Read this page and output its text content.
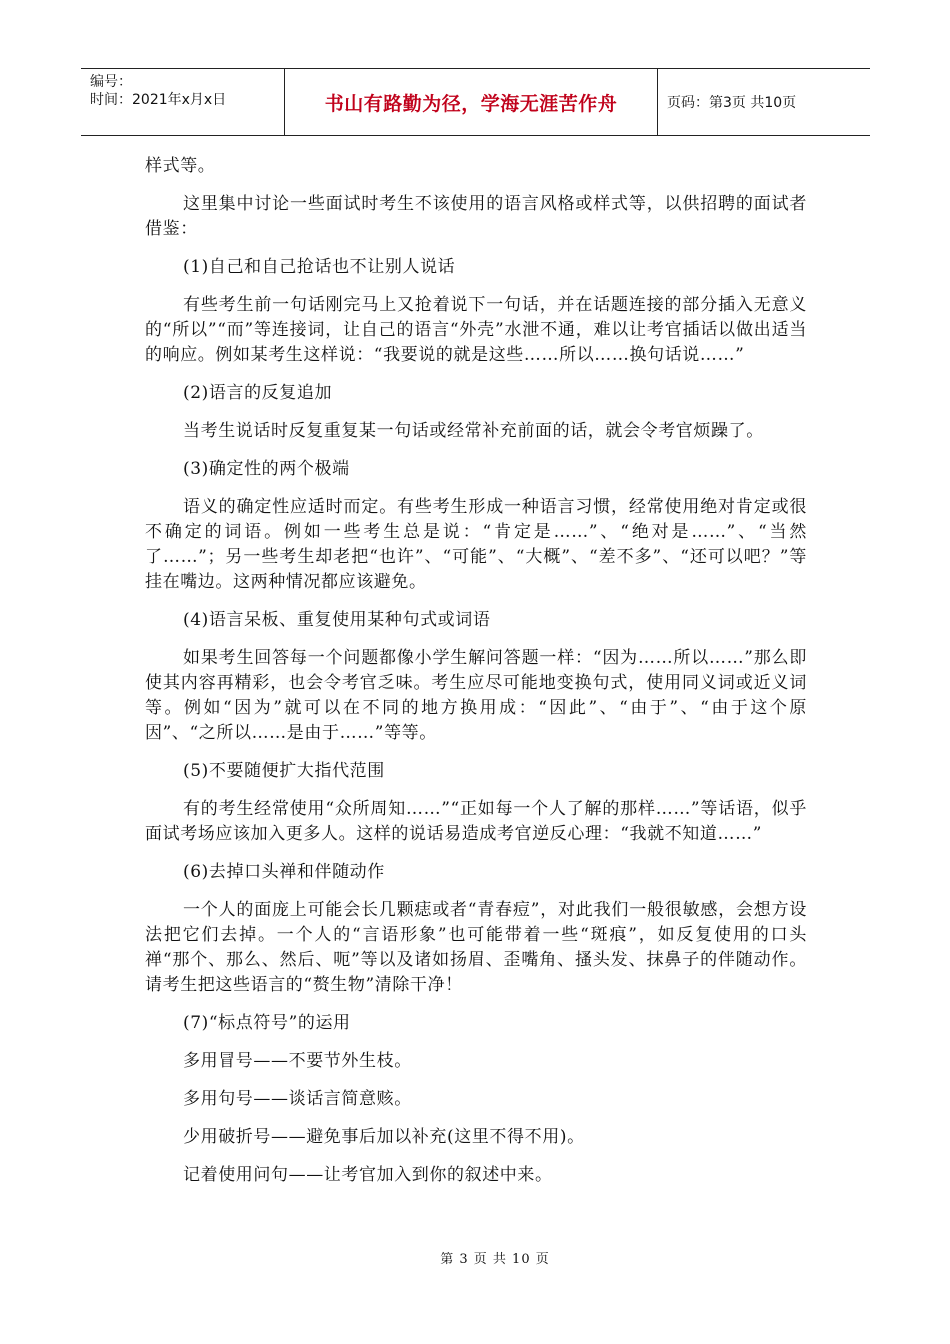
编号：
时间：2021年x月x日	书山有路勤为径，学海无涯苦作舟	页码：第3页 共10页

样式等。

这里集中讨论一些面试时考生不该使用的语言风格或样式等，以供招聘的面试者借鉴：

(1)自己和自己抢话也不让别人说话

有些考生前一句话刚完马上又抢着说下一句话，并在话题连接的部分插入无意义的“所以”“而”等连接词，让自己的语言“外壳”水泄不通，难以让考官插话以做出适当的响应。例如某考生这样说：“我要说的就是这些……所以……换句话说……”

(2)语言的反复追加

当考生说话时反复重复某一句话或经常补充前面的话，就会令考官烦躁了。

(3)确定性的两个极端

语义的确定性应适时而定。有些考生形成一种语言习惯，经常使用绝对肯定或很不确定的词语。例如一些考生总是说：“肯定是……”、“绝对是……”、“当然了……”；另一些考生却老把“也许”、“可能”、“大概”、“差不多”、“还可以吧？”等挂在嘴边。这两种情况都应该避免。

(4)语言呆板、重复使用某种句式或词语

如果考生回答每一个问题都像小学生解问答题一样：“因为……所以……”那么即使其内容再精彩，也会令考官乏味。考生应尽可能地变换句式，使用同义词或近义词等。例如“因为”就可以在不同的地方换用成：“因此”、“由于”、“由于这个原因”、“之所以……是由于……”等等。

(5)不要随便扩大指代范围

有的考生经常使用“众所周知……”“正如每一个人了解的那样……”等话语，似乎面试考场应该加入更多人。这样的说话易造成考官逆反心理：“我就不知道……”

(6)去掉口头禅和伴随动作

一个人的面庞上可能会长几颗痣或者“青春痘”，对此我们一般很敏感，会想方设法把它们去掉。一个人的“言语形象”也可能带着一些“斑痕”，如反复使用的口头禅“那个、那么、然后、呃”等以及诸如扬眉、歪嘴角、搔头发、抹鼻子的伴随动作。请考生把这些语言的“赘生物”清除干净！

(7)“标点符号”的运用

多用冒号——不要节外生枝。

多用句号——谈话言简意赅。

少用破折号——避免事后加以补充(这里不得不用)。

记着使用问句——让考官加入到你的叙述中来。

第 3 页 共 10 页
